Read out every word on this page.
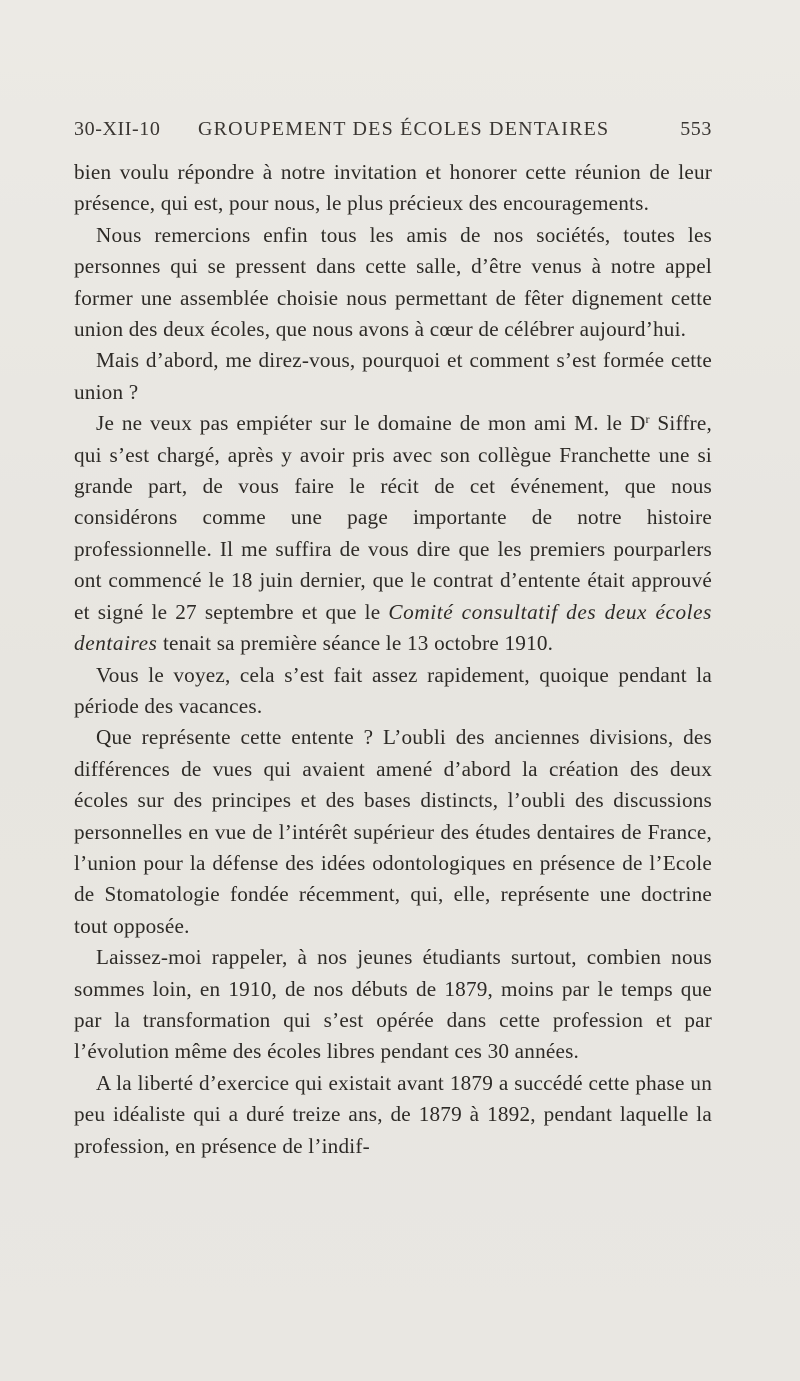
30-XII-10 GROUPEMENT DES ÉCOLES DENTAIRES	553

bien voulu répondre à notre invitation et honorer cette réunion de leur présence, qui est, pour nous, le plus précieux des encouragements.

Nous remercions enfin tous les amis de nos sociétés, toutes les personnes qui se pressent dans cette salle, d’être venus à notre appel former une assemblée choisie nous permettant de fêter dignement cette union des deux écoles, que nous avons à cœur de célébrer aujourd’hui.

Mais d’abord, me direz-vous, pourquoi et comment s’est formée cette union ?

Je ne veux pas empiéter sur le domaine de mon ami M. le $D^r$ Siffre, qui s’est chargé, après y avoir pris avec son collègue Franchette une si grande part, de vous faire le récit de cet événement, que nous considérons comme une page importante de notre histoire professionnelle. Il me suffira de vous dire que les premiers pourparlers ont commencé le 18 juin dernier, que le contrat d’entente était approuvé et signé le 27 septembre et que le Comité consultatif des deux écoles dentaires tenait sa première séance le 13 octobre 1910.

Vous le voyez, cela s’est fait assez rapidement, quoique pendant la période des vacances.

Que représente cette entente ? L’oubli des anciennes divisions, des différences de vues qui avaient amené d’abord la création des deux écoles sur des principes et des bases distincts, l’oubli des discussions personnelles en vue de l’intérêt supérieur des études dentaires de France, l’union pour la défense des idées odontologiques en présence de l’Ecole de Stomatologie fondée récemment, qui, elle, représente une doctrine tout opposée.

Laissez-moi rappeler, à nos jeunes étudiants surtout, combien nous sommes loin, en 1910, de nos débuts de 1879, moins par le temps que par la transformation qui s’est opérée dans cette profession et par l’évolution même des écoles libres pendant ces 30 années.

A la liberté d’exercice qui existait avant 1879 a succédé cette phase un peu idéaliste qui a duré treize ans, de 1879 à 1892, pendant laquelle la profession, en présence de l’indif-
